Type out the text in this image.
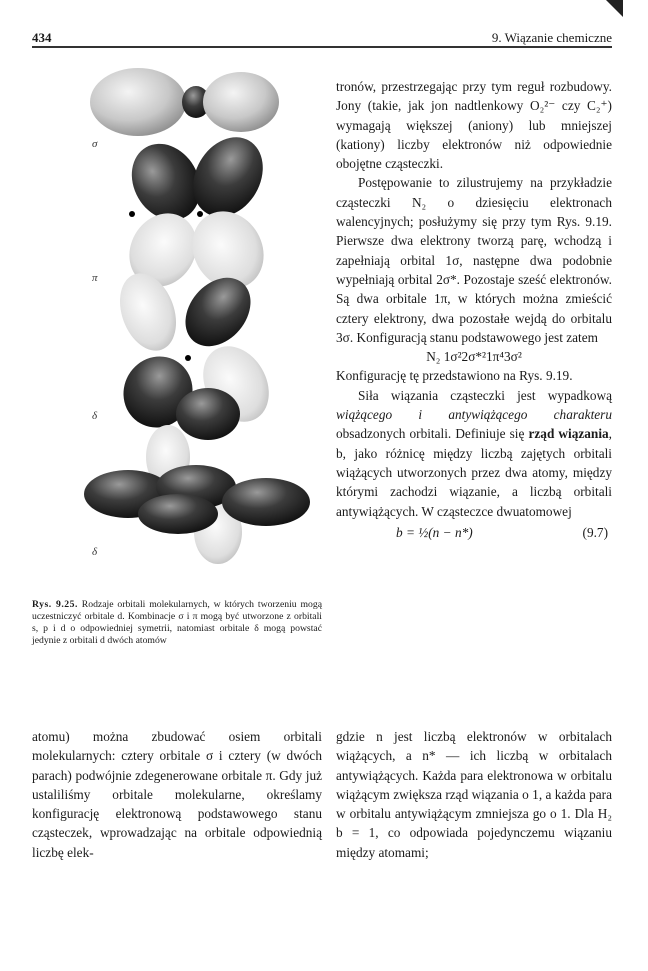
434	9. Wiązanie chemiczne
σ
π
δ
δ
Rys. 9.25. Rodzaje orbitali molekularnych, w których tworzeniu mogą uczestniczyć orbitale d. Kombinacje σ i π mogą być utworzone z orbitali s, p i d o odpowiedniej symetrii, natomiast orbitale δ mogą powstać jedynie z orbitali d dwóch atomów

tronów, przestrzegając przy tym reguł rozbudowy. Jony (takie, jak jon nadtlenkowy O₂²⁻ czy C₂⁺) wymagają większej (aniony) lub mniejszej (kationy) liczby elektronów niż odpowiednie obojętne cząsteczki.

Postępowanie to zilustrujemy na przykładzie cząsteczki N₂ o dziesięciu elektronach walencyjnych; posłużymy się przy tym Rys. 9.19. Pierwsze dwa elektrony tworzą parę, wchodzą i zapełniają orbital 1σ, następne dwa podobnie wypełniają orbital 2σ*. Pozostaje sześć elektronów. Są dwa orbitale 1π, w których można zmieścić cztery elektrony, dwa pozostałe wejdą do orbitalu 3σ. Konfiguracją stanu podstawowego jest zatem

N₂ 1σ²2σ*²1π⁴3σ²

Konfigurację tę przedstawiono na Rys. 9.19.

Siła wiązania cząsteczki jest wypadkową wiążącego i antywiążącego charakteru obsadzonych orbitali. Definiuje się rząd wiązania, b, jako różnicę między liczbą zajętych orbitali wiążących utworzonych przez dwa atomy, między którymi zachodzi wiązanie, a liczbą orbitali antywiążących. W cząsteczce dwuatomowej

b = ½(n − n*)	(9.7)

atomu) można zbudować osiem orbitali molekularnych: cztery orbitale σ i cztery (w dwóch parach) podwójnie zdegenerowane orbitale π. Gdy już ustaliliśmy orbitale molekularne, określamy konfigurację elektronową podstawowego stanu cząsteczek, wprowadzając na orbitale odpowiednią liczbę elek-

gdzie n jest liczbą elektronów w orbitalach wiążących, a n* — ich liczbą w orbitalach antywiążących. Każda para elektronowa w orbitalu wiążącym zwiększa rząd wiązania o 1, a każda para w orbitalu antywiążącym zmniejsza go o 1. Dla H₂ b = 1, co odpowiada pojedynczemu wiązaniu między atomami;
